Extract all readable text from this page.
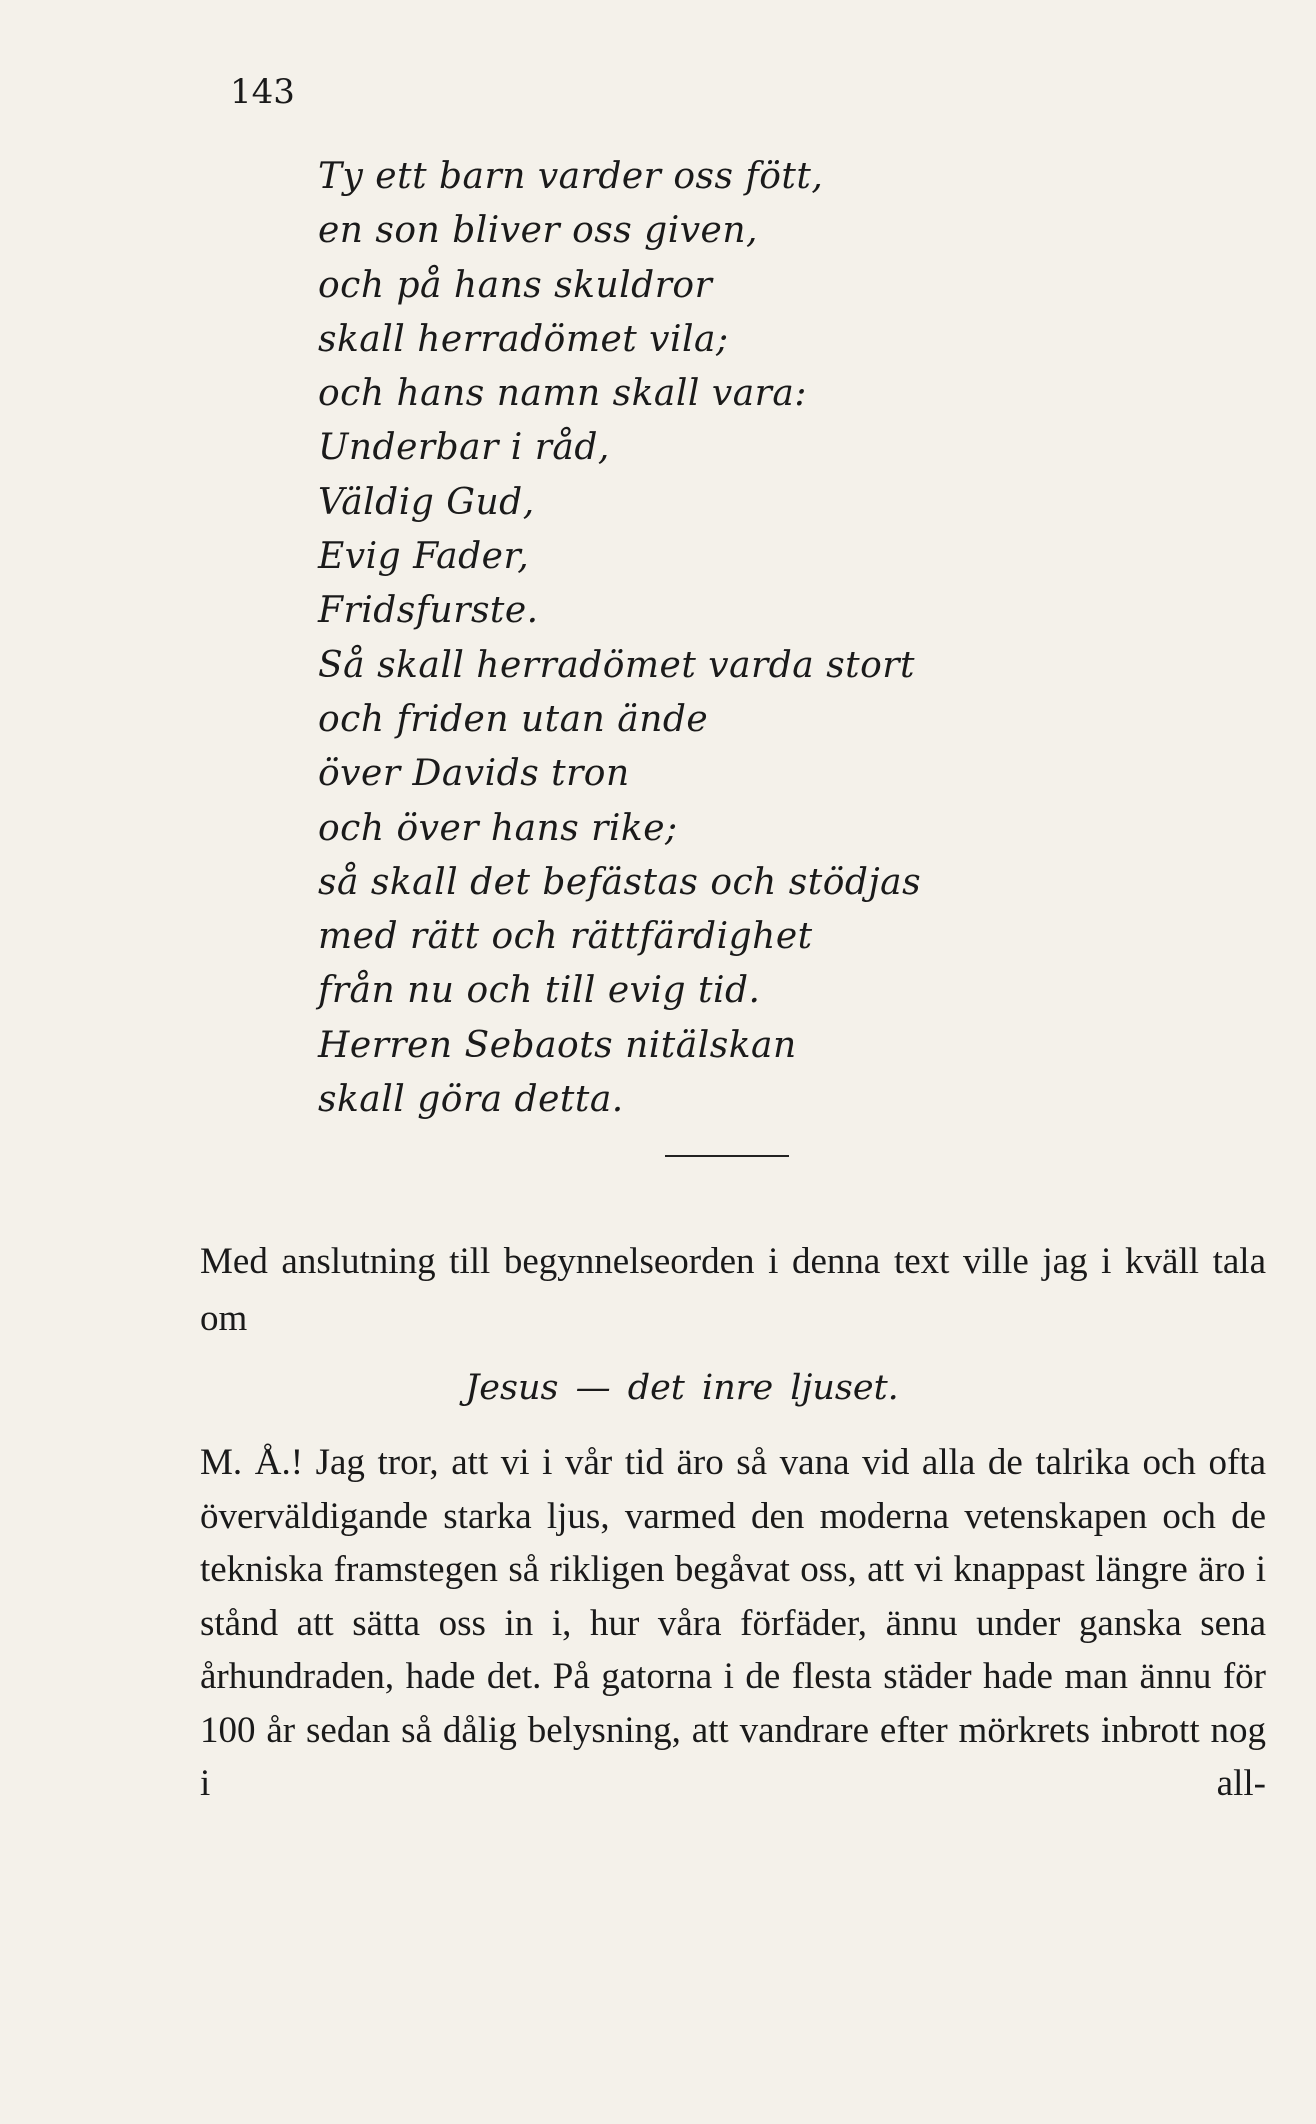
143
Ty ett barn varder oss fött,
en son bliver oss given,
och på hans skuldror
skall herradömet vila;
och hans namn skall vara:
Underbar i råd,
Väldig Gud,
Evig Fader,
Fridsfurste.
Så skall herradömet varda stort
och friden utan ände
över Davids tron
och över hans rike;
så skall det befästas och stödjas
med rätt och rättfärdighet
från nu och till evig tid.
Herren Sebaots nitälskan
skall göra detta.

Med anslutning till begynnelseorden i denna text ville jag i kväll tala om

Jesus — det inre ljuset.

M. Å.! Jag tror, att vi i vår tid äro så vana vid alla de talrika och ofta överväldigande starka ljus, varmed den moderna vetenskapen och de tekniska framstegen så rikligen begåvat oss, att vi knappast längre äro i stånd att sätta oss in i, hur våra förfäder, ännu under ganska sena århundraden, hade det. På gatorna i de flesta städer hade man ännu för 100 år sedan så dålig belysning, att vandrare efter mörkrets inbrott nog i all-
